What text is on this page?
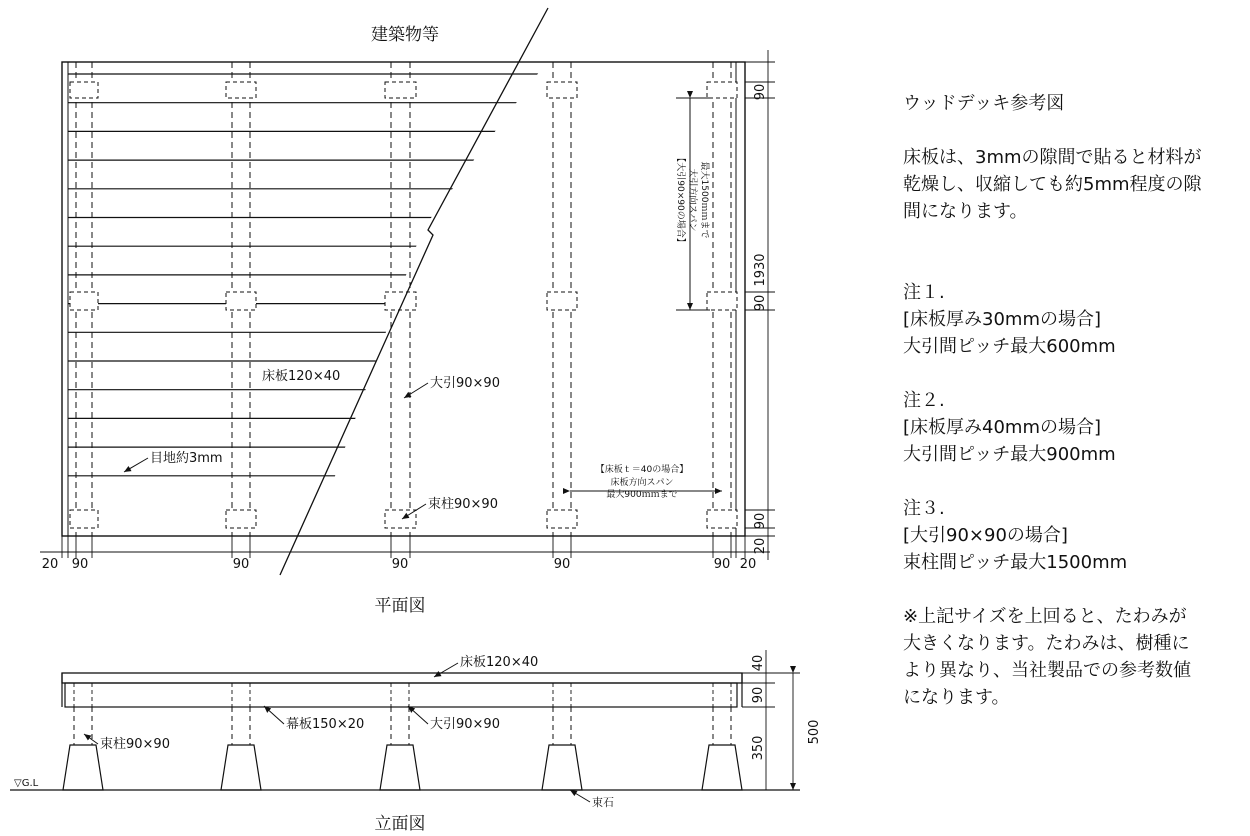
建築物等
床板120×40	大引90×90
目地約3mm
束柱90×90
【床板ｔ＝40の場合】
床板方向スパン
最大900ｍｍまで
【大引90×90の場合】 大引方向スパン 最大1500ｍｍまで
20 90	90	90	90	90 20
90
1930
90
90
20
平面図
▽G.L
床板120×40
束柱90×90
幕板150×20	大引90×90
束石
40
90
350
500
立面図

ウッドデッキ参考図

床板は、3mmの隙間で貼ると材料が

乾燥し、収縮しても約5mm程度の隙

間になります。

注１.

[床板厚み30mmの場合]

大引間ピッチ最大600mm

注２.

[床板厚み40mmの場合]

大引間ピッチ最大900mm

注３.

[大引90×90の場合]

束柱間ピッチ最大1500mm

※上記サイズを上回ると、たわみが

大きくなります。たわみは、樹種に

より異なり、当社製品での参考数値

になります。
